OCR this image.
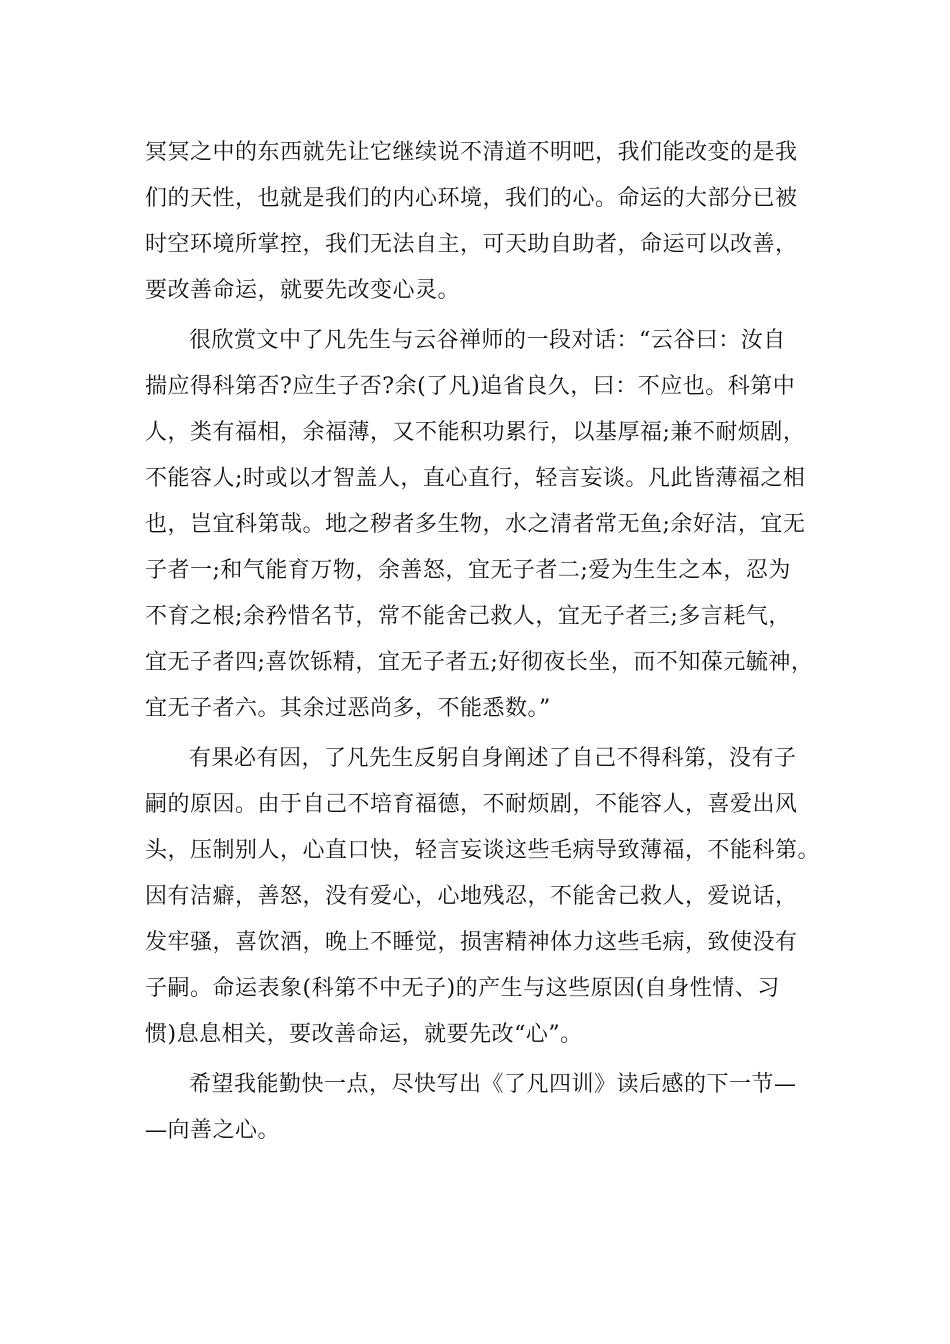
冥冥之中的东西就先让它继续说不清道不明吧，我们能改变的是我
们的天性，也就是我们的内心环境，我们的心。命运的大部分已被
时空环境所掌控，我们无法自主，可天助自助者，命运可以改善，
要改善命运，就要先改变心灵。
很欣赏文中了凡先生与云谷禅师的一段对话：“云谷曰：汝自
揣应得科第否?应生子否?余(了凡)追省良久，曰：不应也。科第中
人，类有福相，余福薄，又不能积功累行，以基厚福;兼不耐烦剧，
不能容人;时或以才智盖人，直心直行，轻言妄谈。凡此皆薄福之相
也，岂宜科第哉。地之秽者多生物，水之清者常无鱼;余好洁，宜无
子者一;和气能育万物，余善怒，宜无子者二;爱为生生之本，忍为
不育之根;余矜惜名节，常不能舍己救人，宜无子者三;多言耗气，
宜无子者四;喜饮铄精，宜无子者五;好彻夜长坐，而不知葆元毓神，
宜无子者六。其余过恶尚多，不能悉数。”
有果必有因，了凡先生反躬自身阐述了自己不得科第，没有子
嗣的原因。由于自己不培育福德，不耐烦剧，不能容人，喜爱出风
头，压制别人，心直口快，轻言妄谈这些毛病导致薄福，不能科第。
因有洁癖，善怒，没有爱心，心地残忍，不能舍己救人，爱说话，
发牢骚，喜饮酒，晚上不睡觉，损害精神体力这些毛病，致使没有
子嗣。命运表象(科第不中无子)的产生与这些原因(自身性情、习
惯)息息相关，要改善命运，就要先改“心”。
希望我能勤快一点，尽快写出《了凡四训》读后感的下一节—
—向善之心。
